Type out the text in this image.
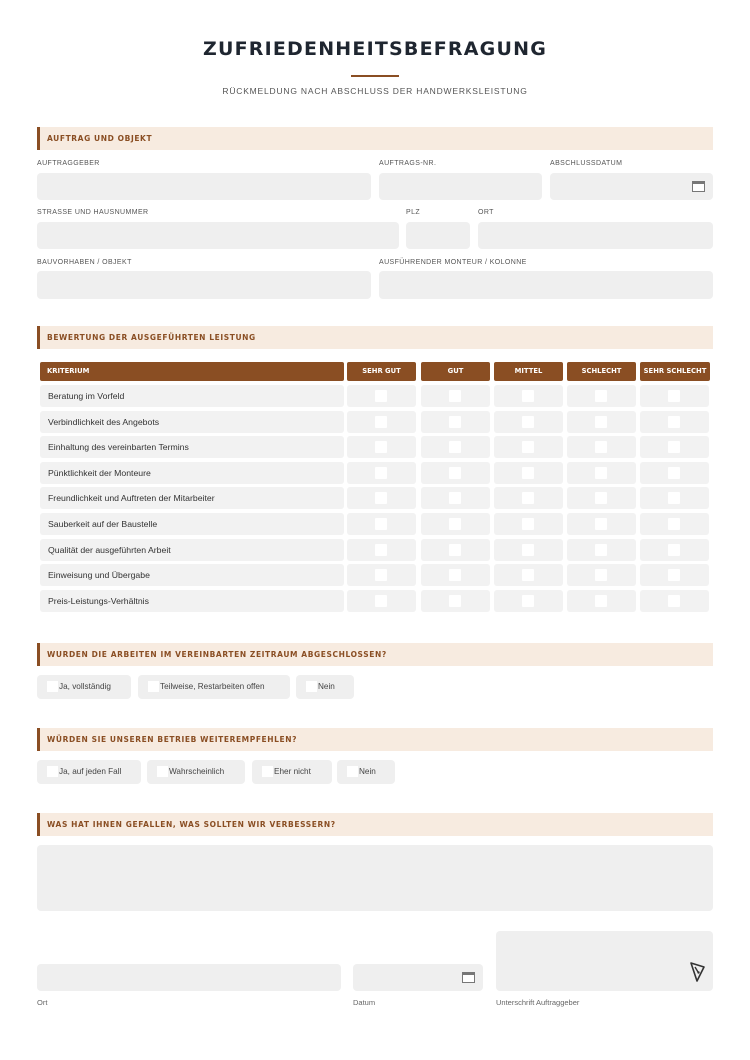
ZUFRIEDENHEITSBEFRAGUNG
RÜCKMELDUNG NACH ABSCHLUSS DER HANDWERKSLEISTUNG
AUFTRAG UND OBJEKT
AUFTRAGGEBER	AUFTRAGS-NR.	ABSCHLUSSDATUM
STRASSE UND HAUSNUMMER	PLZ	ORT
BAUVORHABEN / OBJEKT	AUSFÜHRENDER MONTEUR / KOLONNE
BEWERTUNG DER AUSGEFÜHRTEN LEISTUNG
KRITERIUM	SEHR GUT	GUT	MITTEL	SCHLECHT	SEHR SCHLECHT
Beratung im Vorfeld
Verbindlichkeit des Angebots
Einhaltung des vereinbarten Termins
Pünktlichkeit der Monteure
Freundlichkeit und Auftreten der Mitarbeiter
Sauberkeit auf der Baustelle
Qualität der ausgeführten Arbeit
Einweisung und Übergabe
Preis-Leistungs-Verhältnis
WURDEN DIE ARBEITEN IM VEREINBARTEN ZEITRAUM ABGESCHLOSSEN?
Ja, vollständig	Teilweise, Restarbeiten offen	Nein
WÜRDEN SIE UNSEREN BETRIEB WEITEREMPFEHLEN?
Ja, auf jeden Fall	Wahrscheinlich	Eher nicht	Nein
WAS HAT IHNEN GEFALLEN, WAS SOLLTEN WIR VERBESSERN?
Ort	Datum	Unterschrift Auftraggeber
